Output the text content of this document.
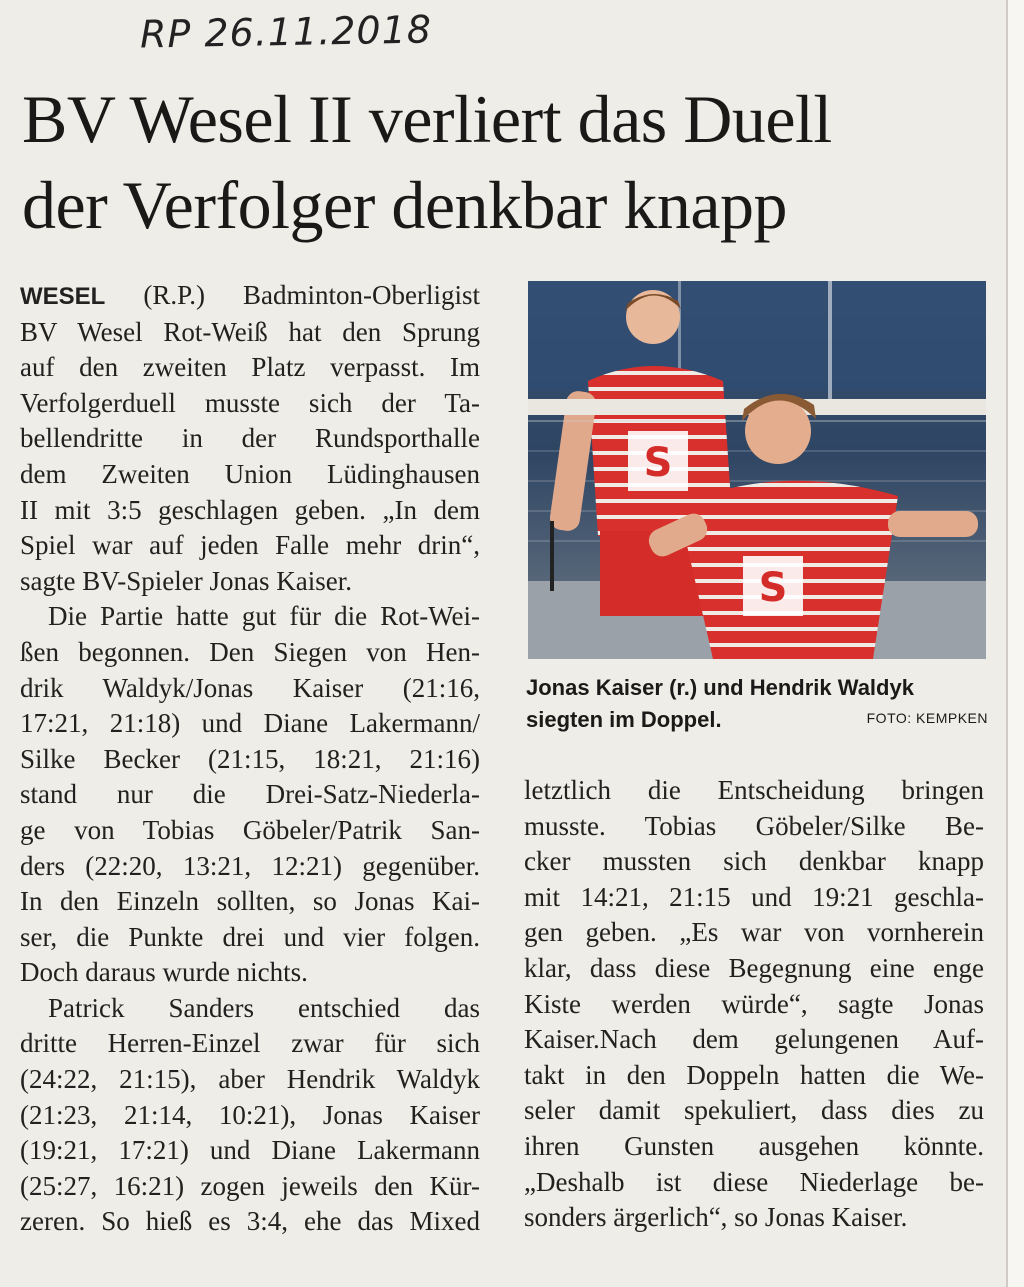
RP 26.11.2018
BV Wesel II verliert das Duell
der Verfolger denkbar knapp

WESEL (R.P.) Badminton-Oberligist
BV Wesel Rot-Weiß hat den Sprung
auf den zweiten Platz verpasst. Im
Verfolgerduell musste sich der Ta-
bellendritte in der Rundsporthalle
dem Zweiten Union Lüdinghausen
II mit 3:5 geschlagen geben. „In dem
Spiel war auf jeden Falle mehr drin“,
sagte BV-Spieler Jonas Kaiser.

Die Partie hatte gut für die Rot-Wei-
ßen begonnen. Den Siegen von Hen-
drik Waldyk/Jonas Kaiser (21:16,
17:21, 21:18) und Diane Lakermann/
Silke Becker (21:15, 18:21, 21:16)
stand nur die Drei-Satz-Niederla-
ge von Tobias Göbeler/Patrik San-
ders (22:20, 13:21, 12:21) gegenüber.
In den Einzeln sollten, so Jonas Kai-
ser, die Punkte drei und vier folgen.
Doch daraus wurde nichts.

Patrick Sanders entschied das
dritte Herren-Einzel zwar für sich
(24:22, 21:15), aber Hendrik Waldyk
(21:23, 21:14, 10:21), Jonas Kaiser
(19:21, 17:21) und Diane Lakermann
(25:27, 16:21) zogen jeweils den Kür-
zeren. So hieß es 3:4, ehe das Mixed

S
S
Jonas Kaiser (r.) und Hendrik Waldyk
siegten im Doppel.	FOTO: KEMPKEN

letztlich die Entscheidung bringen
musste. Tobias Göbeler/Silke Be-
cker mussten sich denkbar knapp
mit 14:21, 21:15 und 19:21 geschla-
gen geben. „Es war von vornherein
klar, dass diese Begegnung eine enge
Kiste werden würde“, sagte Jonas
Kaiser.Nach dem gelungenen Auf-
takt in den Doppeln hatten die We-
seler damit spekuliert, dass dies zu
ihren Gunsten ausgehen könnte.
„Deshalb ist diese Niederlage be-
sonders ärgerlich“, so Jonas Kaiser.
